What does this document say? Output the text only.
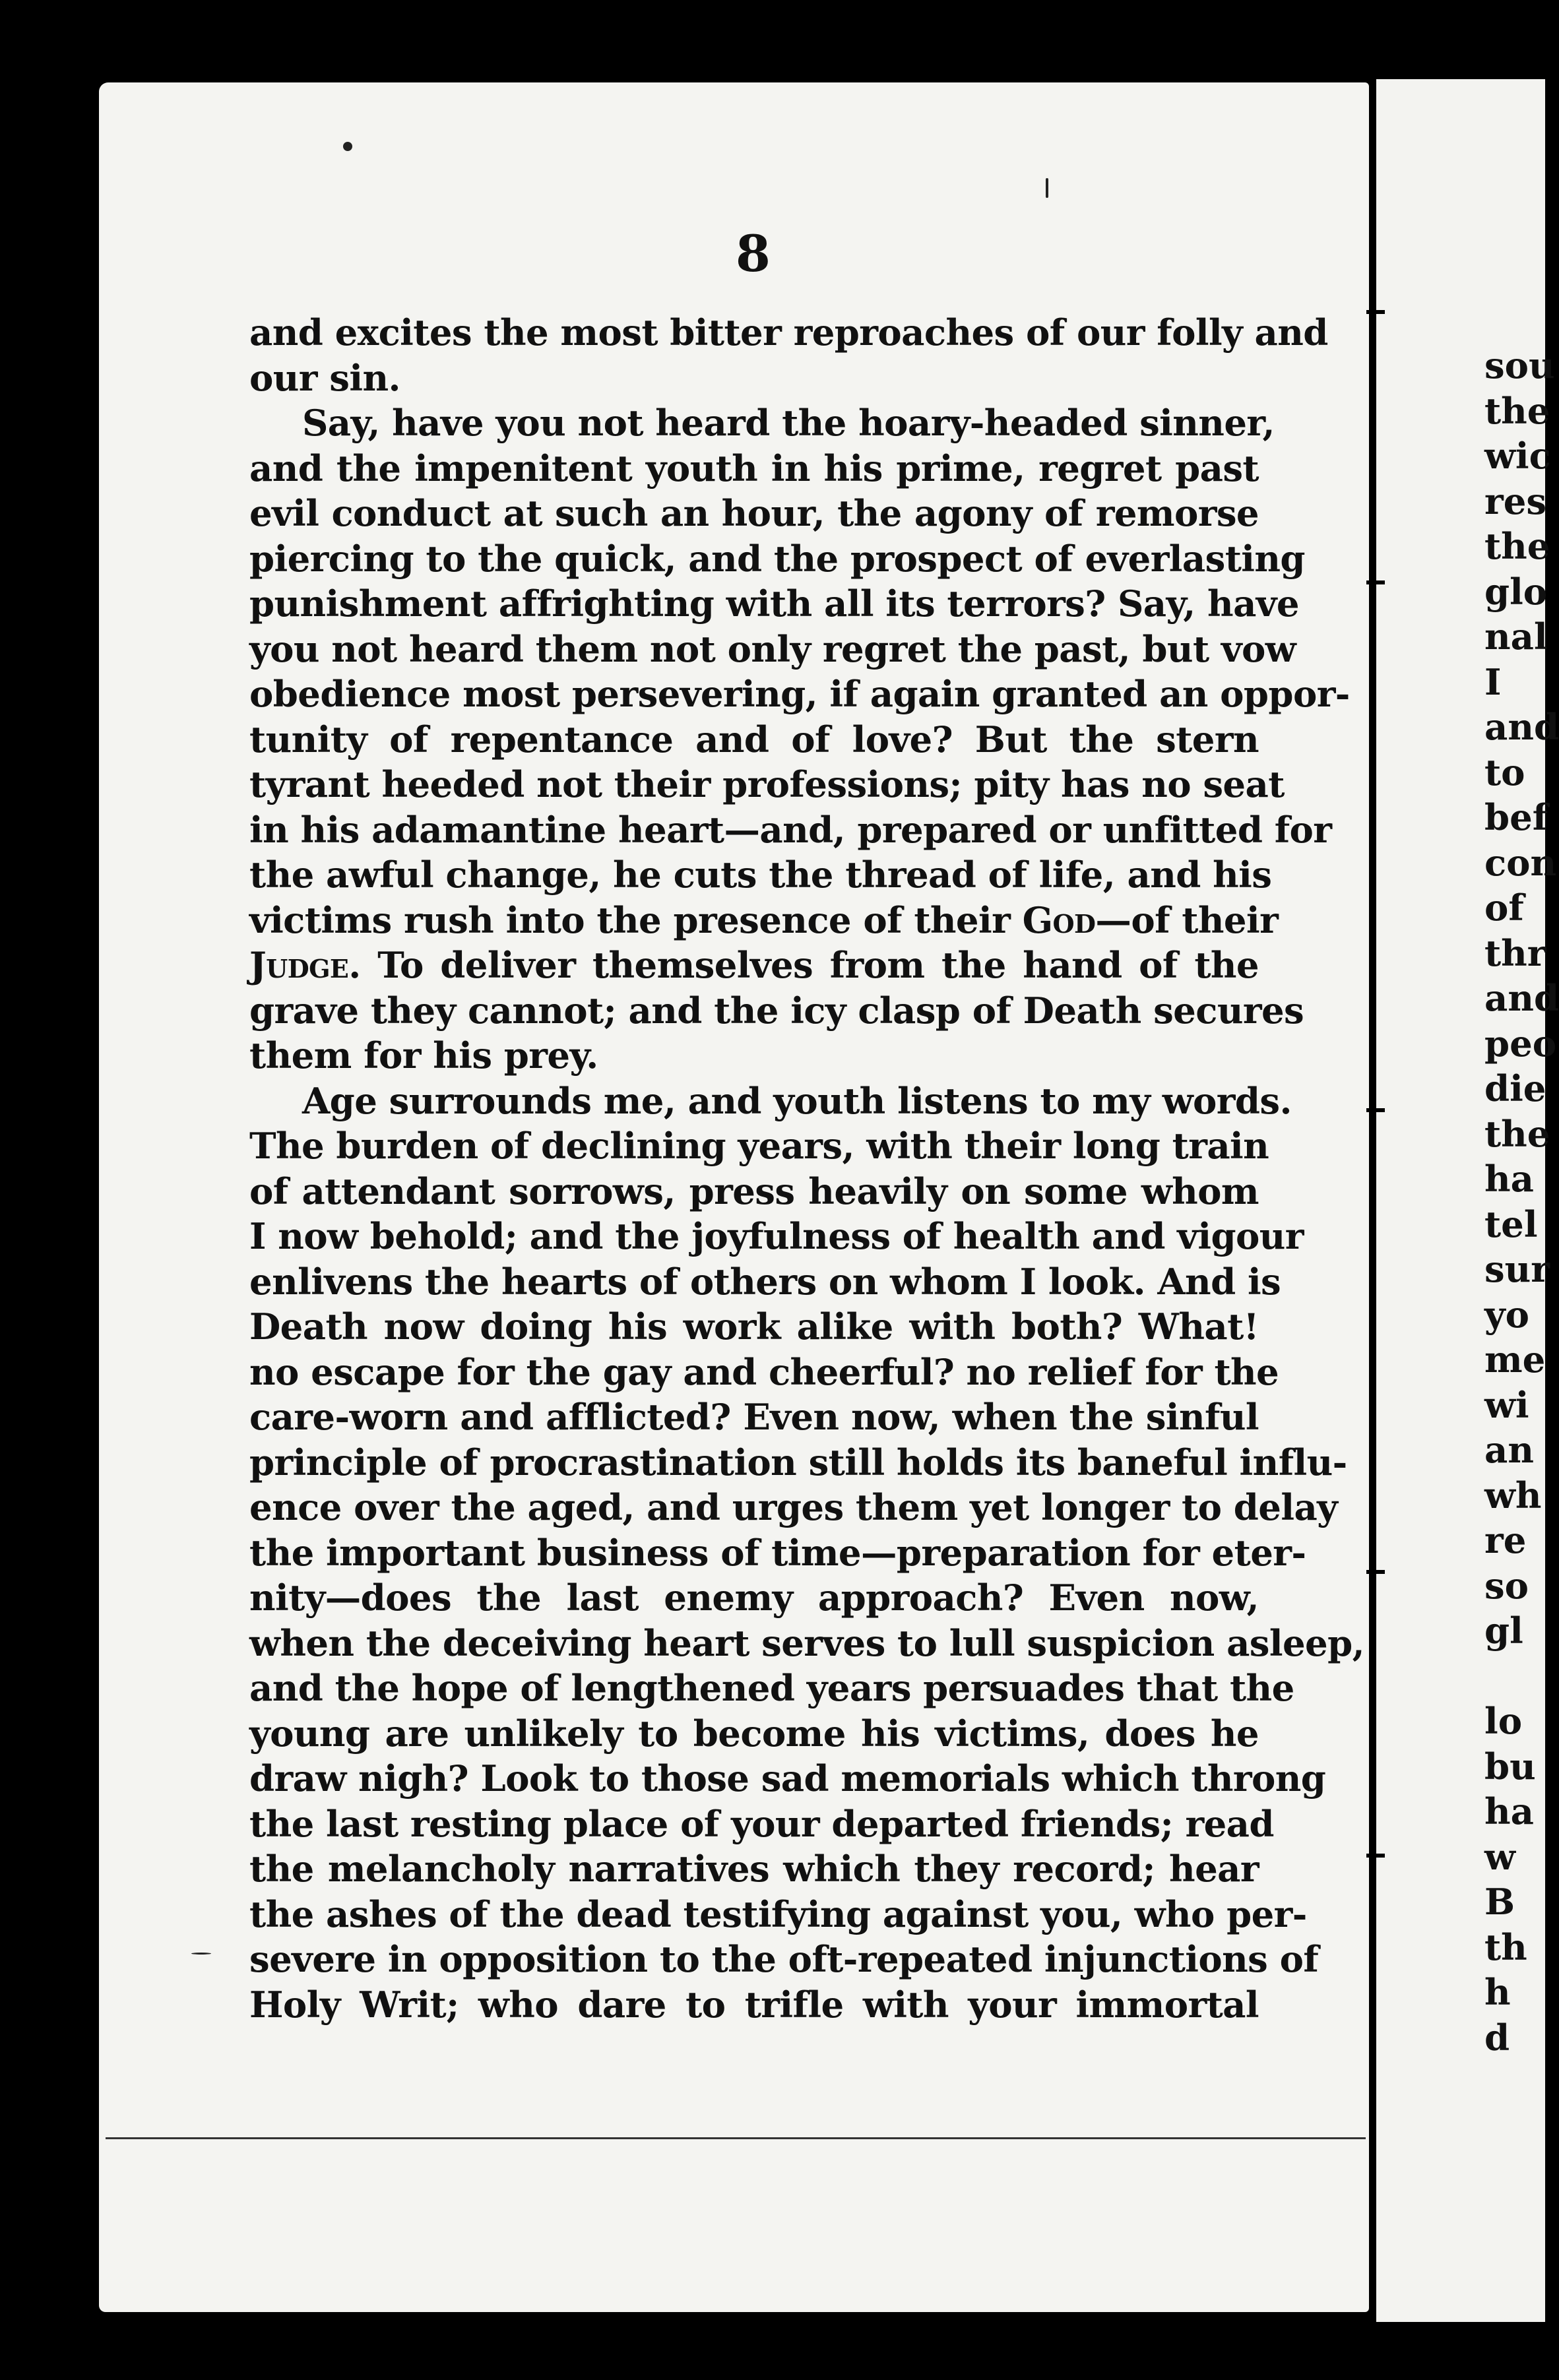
8
and excites the most bitter reproaches of our folly and
our sin.
Say, have you not heard the hoary-headed sinner,
and the impenitent youth in his prime, regret past
evil conduct at such an hour, the agony of remorse
piercing to the quick, and the prospect of everlasting
punishment affrighting with all its terrors? Say, have
you not heard them not only regret the past, but vow
obedience most persevering, if again granted an oppor-
tunity of repentance and of love? But the stern
tyrant heeded not their professions; pity has no seat
in his adamantine heart—and, prepared or unfitted for
the awful change, he cuts the thread of life, and his
victims rush into the presence of their God—of their
Judge. To deliver themselves from the hand of the
grave they cannot; and the icy clasp of Death secures
them for his prey.
Age surrounds me, and youth listens to my words.
The burden of declining years, with their long train
of attendant sorrows, press heavily on some whom
I now behold; and the joyfulness of health and vigour
enlivens the hearts of others on whom I look. And is
Death now doing his work alike with both? What!
no escape for the gay and cheerful? no relief for the
care-worn and afflicted? Even now, when the sinful
principle of procrastination still holds its baneful influ-
ence over the aged, and urges them yet longer to delay
the important business of time—preparation for eter-
nity—does the last enemy approach? Even now,
when the deceiving heart serves to lull suspicion asleep,
and the hope of lengthened years persuades that the
young are unlikely to become his victims, does he
draw nigh? Look to those sad memorials which throng
the last resting place of your departed friends; read
the melancholy narratives which they record; hear
the ashes of the dead testifying against you, who per-
severe in opposition to the oft-repeated injunctions of
Holy Writ; who dare to trifle with your immortal
sou
the
wic
res
the
glo
nal
I
and
to
bef
con
of
thr
and
peo
die
the
ha
tel
sur
yo
me
wi
an
wh
re
so
gl
lo
bu
ha
w
B
th
h
d
